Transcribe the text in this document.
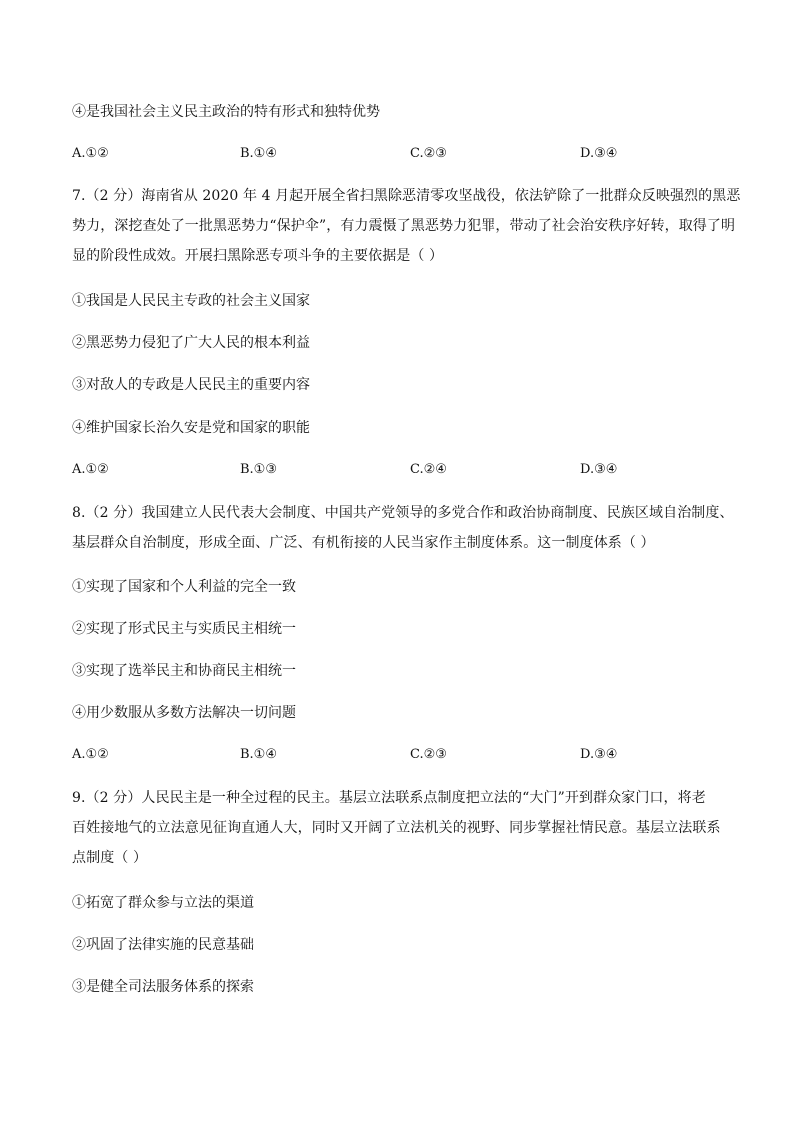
④是我国社会主义民主政治的特有形式和独特优势
A.①②	B.①④	C.②③	D.③④
7.（2 分）海南省从 2020 年 4 月起开展全省扫黑除恶清零攻坚战役，依法铲除了一批群众反映强烈的黑恶
势力，深挖查处了一批黑恶势力“保护伞”，有力震慑了黑恶势力犯罪，带动了社会治安秩序好转，取得了明
显的阶段性成效。开展扫黑除恶专项斗争的主要依据是（ ）
①我国是人民民主专政的社会主义国家
②黑恶势力侵犯了广大人民的根本利益
③对敌人的专政是人民民主的重要内容
④维护国家长治久安是党和国家的职能
A.①②	B.①③	C.②④	D.③④
8.（2 分）我国建立人民代表大会制度、中国共产党领导的多党合作和政治协商制度、民族区域自治制度、
基层群众自治制度，形成全面、广泛、有机衔接的人民当家作主制度体系。这一制度体系（ ）
①实现了国家和个人利益的完全一致
②实现了形式民主与实质民主相统一
③实现了选举民主和协商民主相统一
④用少数服从多数方法解决一切问题
A.①②	B.①④	C.②③	D.③④
9.（2 分）人民民主是一种全过程的民主。基层立法联系点制度把立法的“大门”开到群众家门口，将老
百姓接地气的立法意见征询直通人大，同时又开阔了立法机关的视野、同步掌握社情民意。基层立法联系
点制度（ ）
①拓宽了群众参与立法的渠道
②巩固了法律实施的民意基础
③是健全司法服务体系的探索
